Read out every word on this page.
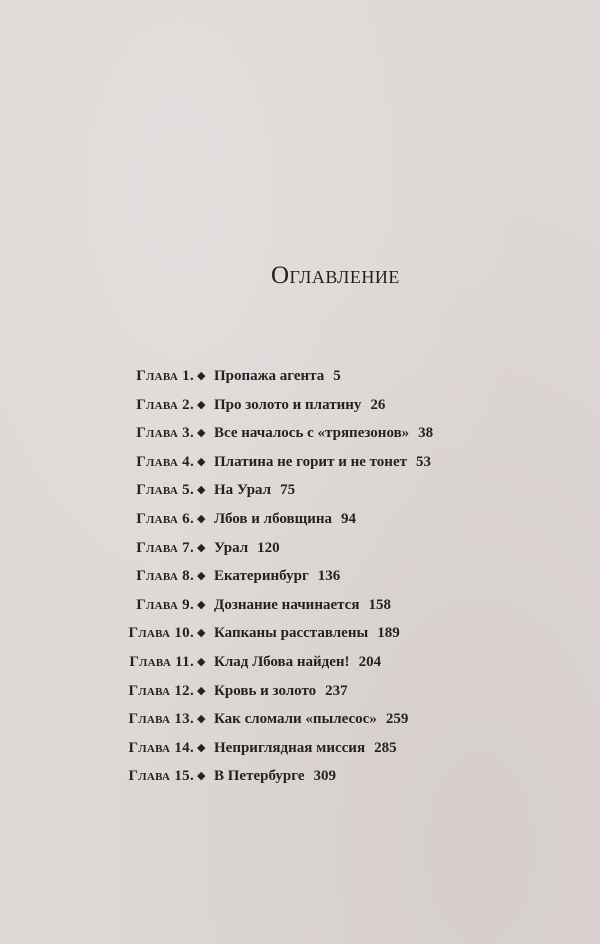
Оглавление
Глава 1. ◆ Пропажа агента 5
Глава 2. ◆ Про золото и платину 26
Глава 3. ◆ Все началось с «тряпезонов» 38
Глава 4. ◆ Платина не горит и не тонет 53
Глава 5. ◆ На Урал 75
Глава 6. ◆ Лбов и лбовщина 94
Глава 7. ◆ Урал 120
Глава 8. ◆ Екатеринбург 136
Глава 9. ◆ Дознание начинается 158
Глава 10. ◆ Капканы расставлены 189
Глава 11. ◆ Клад Лбова найден! 204
Глава 12. ◆ Кровь и золото 237
Глава 13. ◆ Как сломали «пылесос» 259
Глава 14. ◆ Неприглядная миссия 285
Глава 15. ◆ В Петербурге 309
